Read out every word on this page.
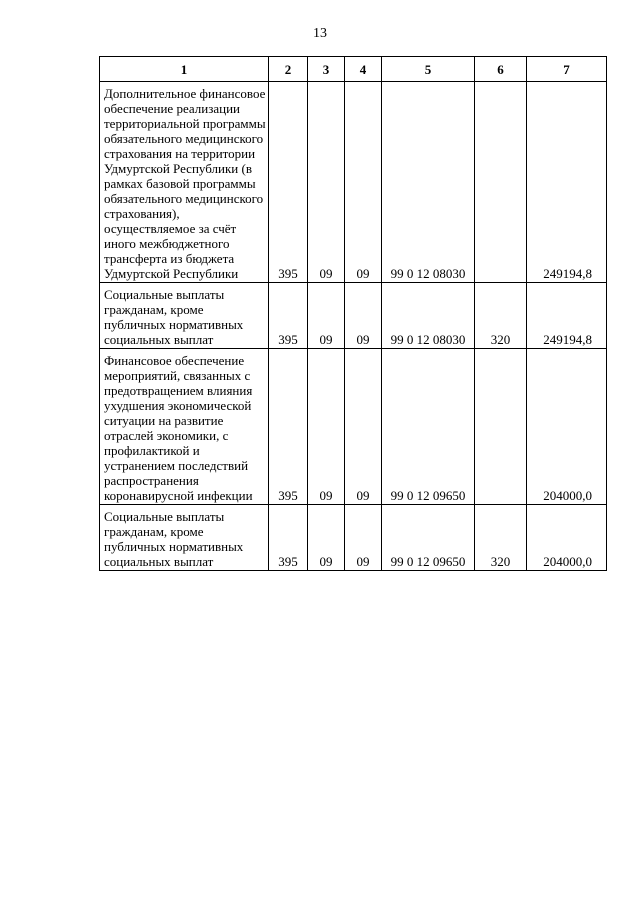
13
1	2	3	4	5	6	7
Дополнительное финансовое обеспечение реализации территориальной программы обязательного медицинского страхования на территории Удмуртской Республики (в рамках базовой программы обязательного медицинского страхования), осуществляемое за счёт иного межбюджетного трансферта из бюджета Удмуртской Республики	395	09	09	99 0 12 08030		249194,8
Социальные выплаты гражданам, кроме публичных нормативных социальных выплат	395	09	09	99 0 12 08030	320	249194,8
Финансовое обеспечение мероприятий, связанных с предотвращением влияния ухудшения экономической ситуации на развитие отраслей экономики, с профилактикой и устранением последствий распространения коронавирусной инфекции	395	09	09	99 0 12 09650		204000,0
Социальные выплаты гражданам, кроме публичных нормативных социальных выплат	395	09	09	99 0 12 09650	320	204000,0
